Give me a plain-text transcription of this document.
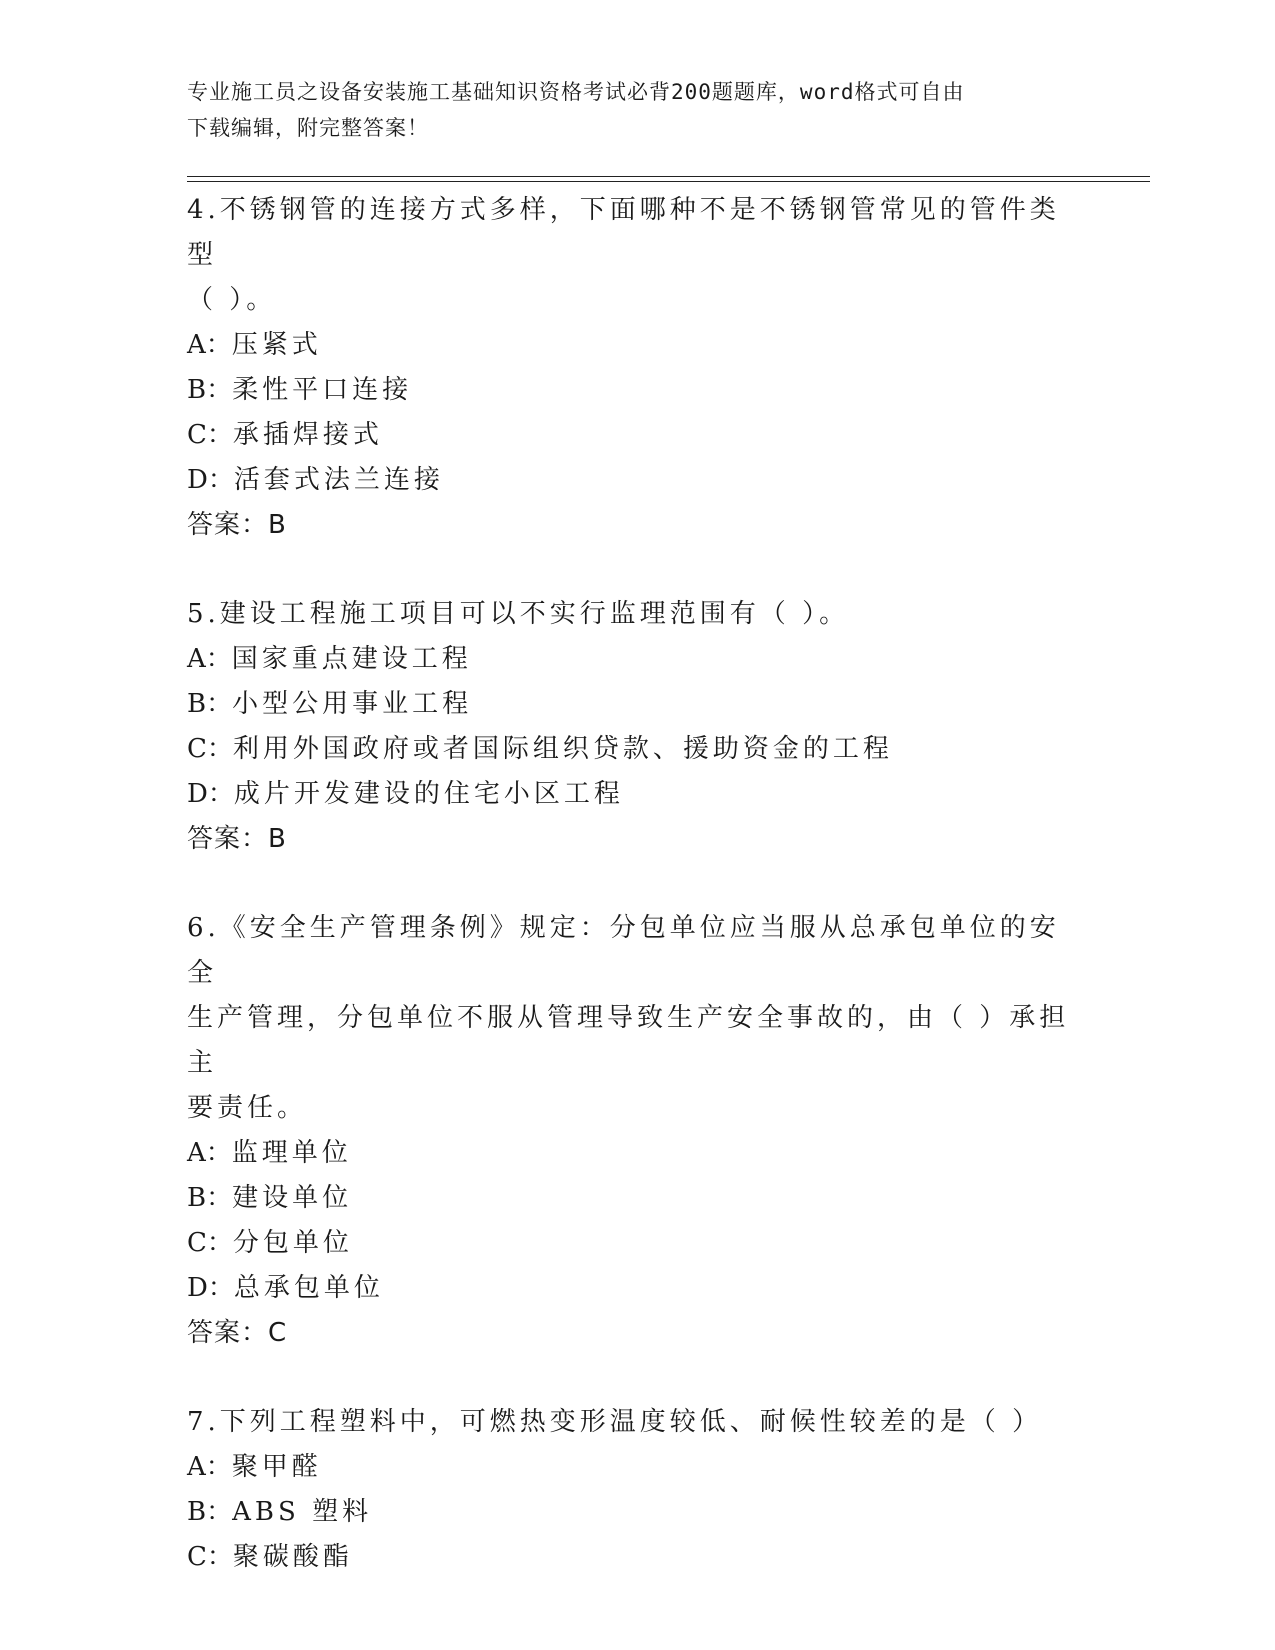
专业施工员之设备安装施工基础知识资格考试必背200题题库，word格式可自由
下载编辑，附完整答案！
4.不锈钢管的连接方式多样，下面哪种不是不锈钢管常见的管件类型
（ ）。
A：压紧式
B：柔性平口连接
C：承插焊接式
D：活套式法兰连接
答案：B
5.建设工程施工项目可以不实行监理范围有（ ）。
A：国家重点建设工程
B：小型公用事业工程
C：利用外国政府或者国际组织贷款、援助资金的工程
D：成片开发建设的住宅小区工程
答案：B
6.《安全生产管理条例》规定：分包单位应当服从总承包单位的安全
生产管理，分包单位不服从管理导致生产安全事故的，由（ ）承担主
要责任。
A：监理单位
B：建设单位
C：分包单位
D：总承包单位
答案：C
7.下列工程塑料中，可燃热变形温度较低、耐候性较差的是（ ）
A：聚甲醛
B：ABS 塑料
C：聚碳酸酯
